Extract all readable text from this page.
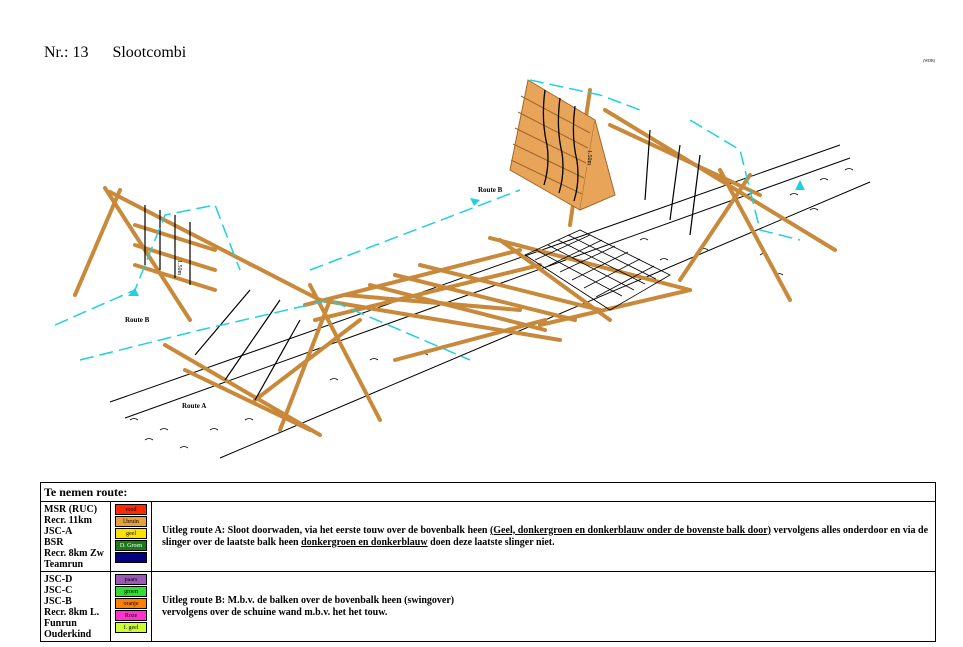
Nr.: 13 Slootcombi	(WDB)
Route A
Route B
Route B
1.50m
1.50m
Te nemen route:
MSR (RUC)
Recr. 11km
JSC-A
BSR
Recr. 8km Zw
Teamrun
rood
l.bruin
geel
D. Groen
Uitleg route A: Sloot doorwaden, via het eerste touw over de bovenbalk heen (Geel, donkergroen en donkerblauw onder de bovenste balk door) vervolgens alles onderdoor en via de slinger over de laatste balk heen donkergroen en donkerblauw doen deze laatste slinger niet.
JSC-D
JSC-C
JSC-B
Recr. 8km L.
Funrun
Ouderkind
paars
groen
oranje
Roze
f. geel
Uitleg route B: M.b.v. de balken over de bovenbalk heen (swingover)
vervolgens over de schuine wand m.b.v. het het touw.
